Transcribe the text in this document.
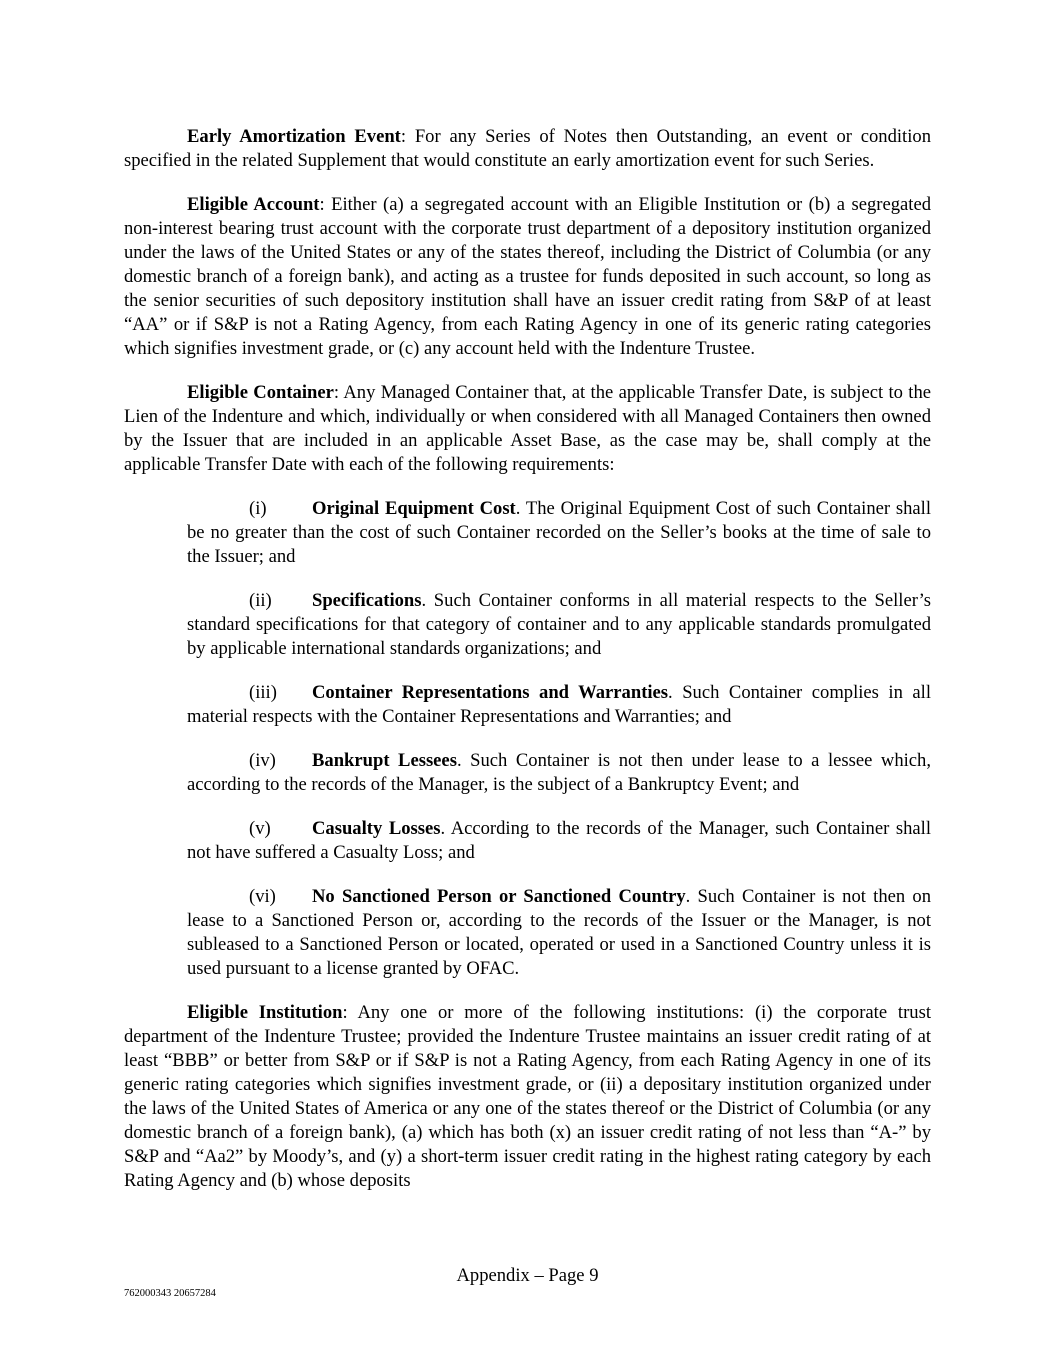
Early Amortization Event: For any Series of Notes then Outstanding, an event or condition specified in the related Supplement that would constitute an early amortization event for such Series.

Eligible Account: Either (a) a segregated account with an Eligible Institution or (b) a segregated non-interest bearing trust account with the corporate trust department of a depository institution organized under the laws of the United States or any of the states thereof, including the District of Columbia (or any domestic branch of a foreign bank), and acting as a trustee for funds deposited in such account, so long as the senior securities of such depository institution shall have an issuer credit rating from S&P of at least “AA” or if S&P is not a Rating Agency, from each Rating Agency in one of its generic rating categories which signifies investment grade, or (c) any account held with the Indenture Trustee.

Eligible Container: Any Managed Container that, at the applicable Transfer Date, is subject to the Lien of the Indenture and which, individually or when considered with all Managed Containers then owned by the Issuer that are included in an applicable Asset Base, as the case may be, shall comply at the applicable Transfer Date with each of the following requirements:

(i) Original Equipment Cost. The Original Equipment Cost of such Container shall be no greater than the cost of such Container recorded on the Seller’s books at the time of sale to the Issuer; and

(ii) Specifications. Such Container conforms in all material respects to the Seller’s standard specifications for that category of container and to any applicable standards promulgated by applicable international standards organizations; and

(iii) Container Representations and Warranties. Such Container complies in all material respects with the Container Representations and Warranties; and

(iv) Bankrupt Lessees. Such Container is not then under lease to a lessee which, according to the records of the Manager, is the subject of a Bankruptcy Event; and

(v) Casualty Losses. According to the records of the Manager, such Container shall not have suffered a Casualty Loss; and

(vi) No Sanctioned Person or Sanctioned Country. Such Container is not then on lease to a Sanctioned Person or, according to the records of the Issuer or the Manager, is not subleased to a Sanctioned Person or located, operated or used in a Sanctioned Country unless it is used pursuant to a license granted by OFAC.

Eligible Institution: Any one or more of the following institutions: (i) the corporate trust department of the Indenture Trustee; provided the Indenture Trustee maintains an issuer credit rating of at least “BBB” or better from S&P or if S&P is not a Rating Agency, from each Rating Agency in one of its generic rating categories which signifies investment grade, or (ii) a depositary institution organized under the laws of the United States of America or any one of the states thereof or the District of Columbia (or any domestic branch of a foreign bank), (a) which has both (x) an issuer credit rating of not less than “A-” by S&P and “Aa2” by Moody’s, and (y) a short-term issuer credit rating in the highest rating category by each Rating Agency and (b) whose deposits

Appendix – Page 9
762000343 20657284
